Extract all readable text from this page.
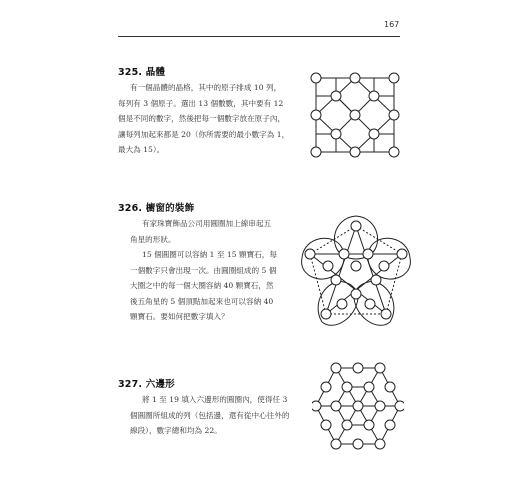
167
325. 晶體

有一個晶體的晶格，其中的原子排成 10 列，

每列有 3 個原子。選出 13 個數數，其中要有 12

個是不同的數字，然後把每一個數字放在原子內，

讓每列加起來都是 20（你所需要的最小數字為 1，

最大為 15）。

326. 櫥窗的裝飾

有家珠寶飾品公司用圓圈加上線串起五

角星的形狀。

15 個圓圈可以容納 1 至 15 顆寶石，每

一個數字只會出現一次。由圓圈組成的 5 個

大圈之中的每一個大圈容納 40 顆寶石，然

後五角星的 5 個頂點加起來也可以容納 40

顆寶石。要如何把數字填入？

327. 六邊形

將 1 至 19 填入六邊形的圓圈內，使得任 3

個圓圈所組成的列（包括邊，還有從中心往外的

線段），數字總和均為 22。
